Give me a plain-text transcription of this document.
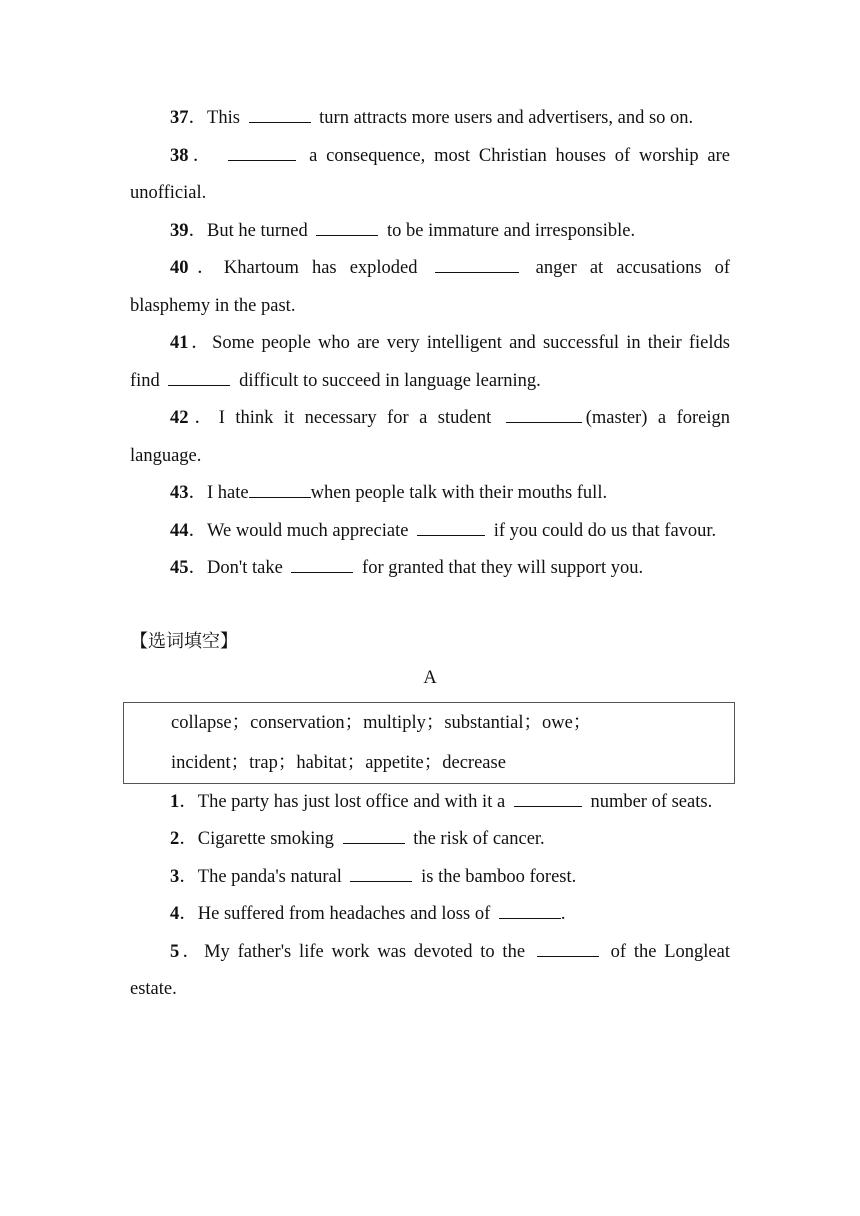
37．This	turn attracts more users and advertisers, and so on.

38．	a consequence, most Christian houses of worship are unofficial.

39．But he turned	to be immature and irresponsible.

40．Khartoum has exploded	anger at accusations of blasphemy in the past.

41．Some people who are very intelligent and successful in their fields find	difficult to succeed in language learning.

42．I think it necessary for a student	(master) a foreign language.

43．I hate	when people talk with their mouths full.

44．We would much appreciate	if you could do us that favour.

45．Don't take	for granted that they will support you.

【选词填空】

A

collapse；conservation；multiply；substantial；owe；

incident；trap；habitat；appetite；decrease

1．The party has just lost office and with it a	number of seats.

2．Cigarette smoking	the risk of cancer.

3．The panda's natural	is the bamboo forest.

4．He suffered from headaches and loss of	.

5．My father's life work was devoted to the	of the Longleat estate.
